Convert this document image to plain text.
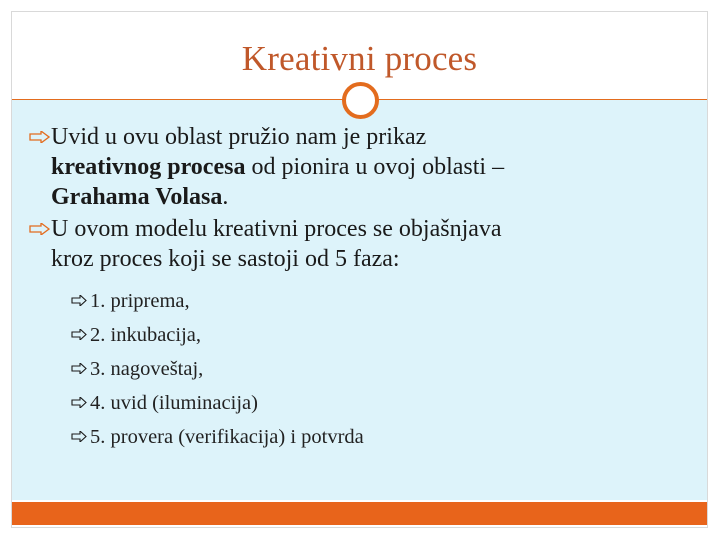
Kreativni proces
Uvid u ovu oblast pružio nam je prikaz
kreativnog procesa od pionira u ovoj oblasti –
Grahama Volasa.
U ovom modelu kreativni proces se objašnjava
kroz proces koji se sastoji od 5 faza:
1. priprema,
2. inkubacija,
3. nagoveštaj,
4. uvid (iluminacija)
5. provera (verifikacija) i potvrda
